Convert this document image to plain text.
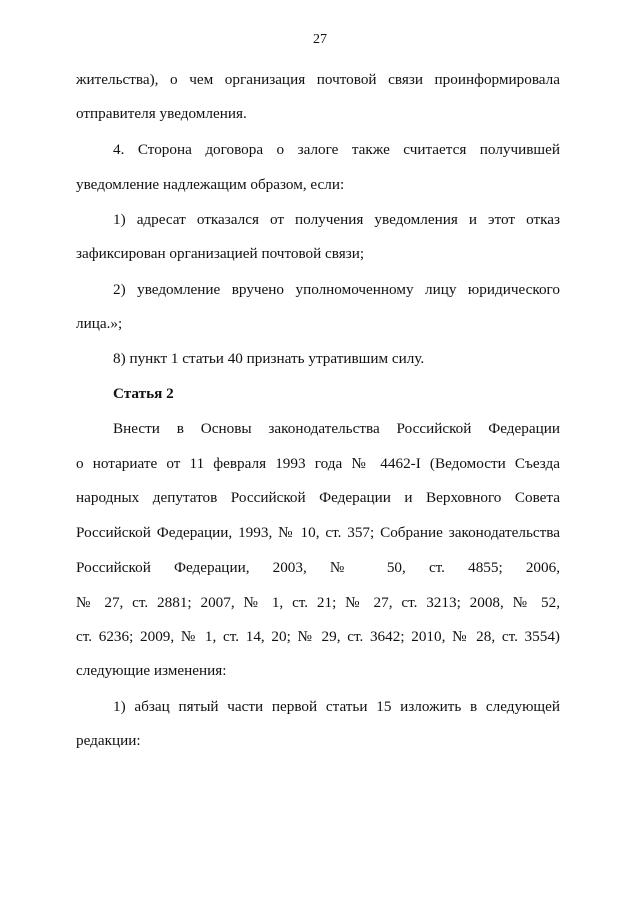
27
жительства), о чем организация почтовой связи проинформировала
отправителя уведомления.
4. Сторона договора о залоге также считается получившей
уведомление надлежащим образом, если:
1) адресат отказался от получения уведомления и этот отказ
зафиксирован организацией почтовой связи;
2) уведомление вручено уполномоченному лицу юридического
лица.»;
8) пункт 1 статьи 40 признать утратившим силу.
Статья 2
Внести в Основы законодательства Российской Федерации
о нотариате от 11 февраля 1993 года № 4462-I (Ведомости Съезда
народных депутатов Российской Федерации и Верховного Совета
Российской Федерации, 1993, № 10, ст. 357; Собрание законодательства
Российской Федерации, 2003, № 50, ст. 4855; 2006,
№ 27, ст. 2881; 2007, № 1, ст. 21; № 27, ст. 3213; 2008, № 52,
ст. 6236; 2009, № 1, ст. 14, 20; № 29, ст. 3642; 2010, № 28, ст. 3554)
следующие изменения:
1) абзац пятый части первой статьи 15 изложить в следующей
редакции:
